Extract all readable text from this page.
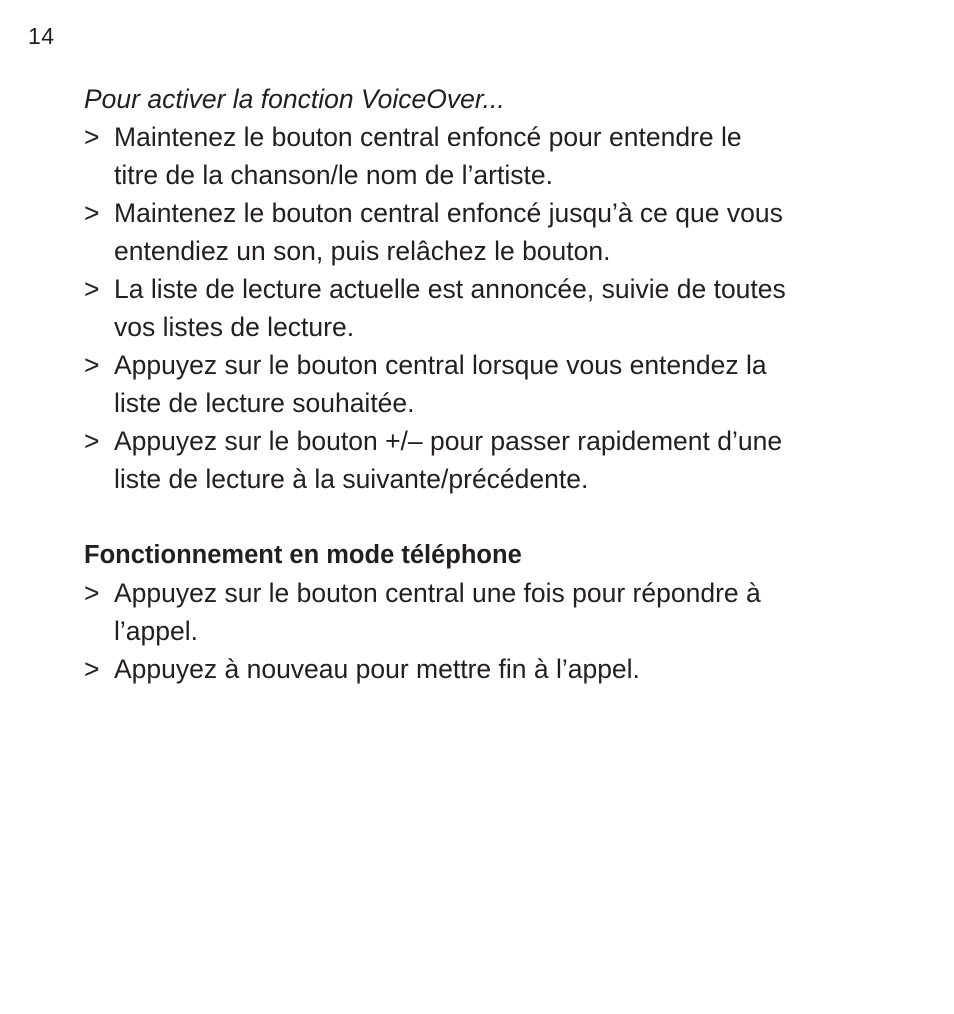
14

Pour activer la fonction VoiceOver...

> Maintenez le bouton central enfoncé pour entendre le
titre de la chanson/le nom de l’artiste.
> Maintenez le bouton central enfoncé jusqu’à ce que vous
entendiez un son, puis relâchez le bouton.
> La liste de lecture actuelle est annoncée, suivie de toutes
vos listes de lecture.
> Appuyez sur le bouton central lorsque vous entendez la
liste de lecture souhaitée.
> Appuyez sur le bouton +/– pour passer rapidement d’une
liste de lecture à la suivante/précédente.

Fonctionnement en mode téléphone

> Appuyez sur le bouton central une fois pour répondre à
l’appel.
> Appuyez à nouveau pour mettre fin à l’appel.
